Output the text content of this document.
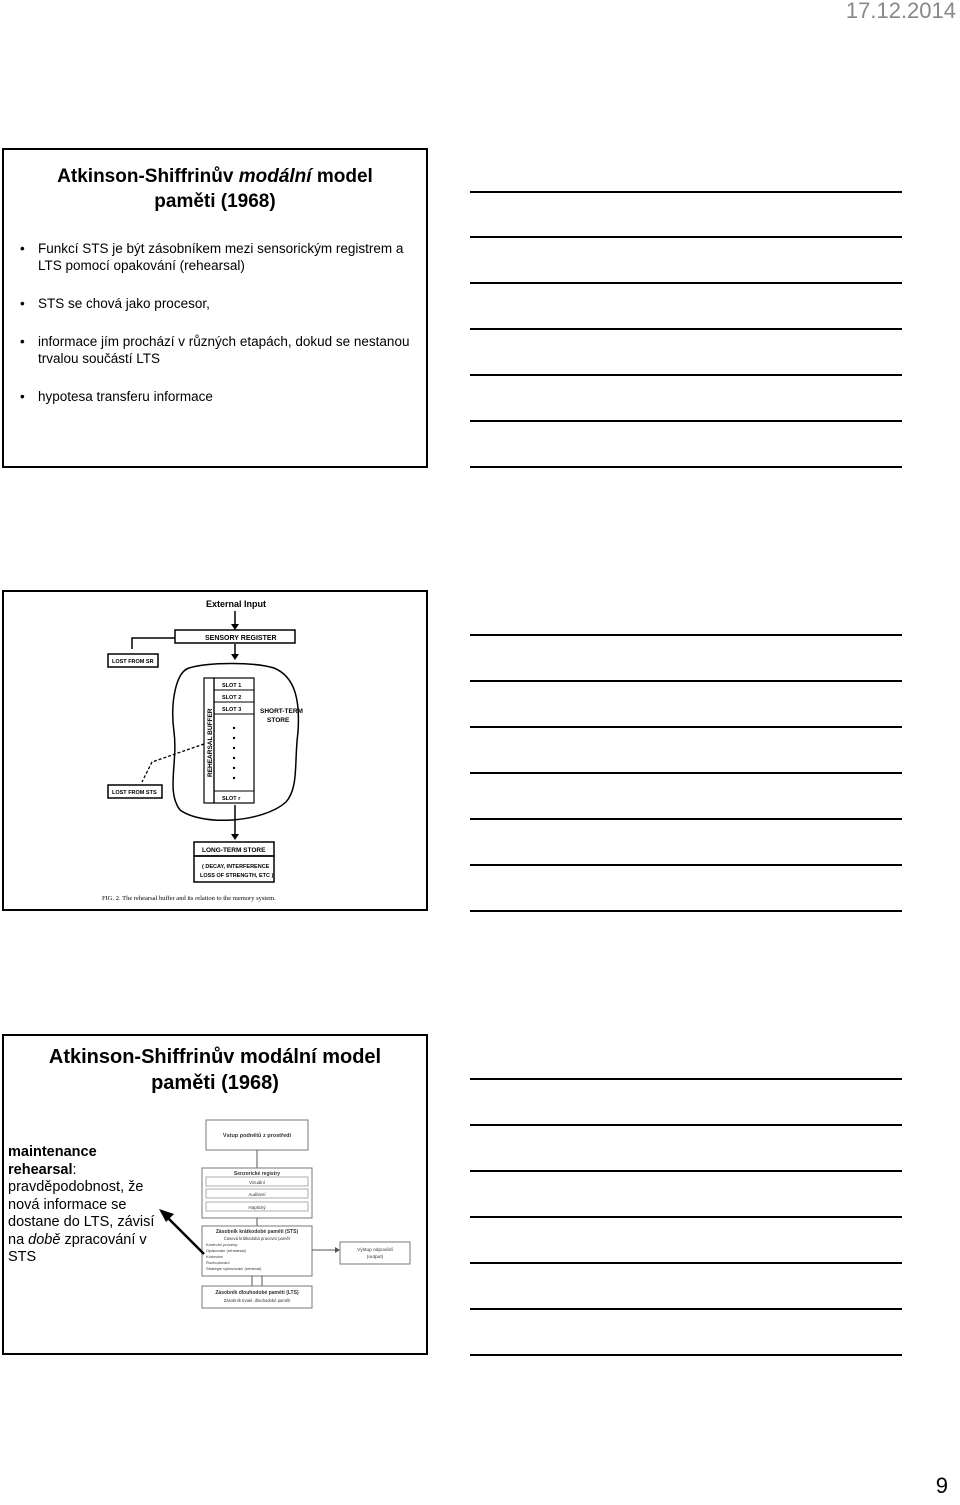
17.12.2014
Atkinson-Shiffrinův modální model
paměti (1968)
• Funkcí STS je být zásobníkem mezi sensorickým registrem a LTS pomocí opakování (rehearsal)
• STS se chová jako procesor,
• informace jím prochází v různých etapách, dokud se nestanou trvalou součástí LTS
• hypotesa transferu informace
External Input
SENSORY REGISTER
LOST FROM SR
REHEARSAL BUFFER
SLOT 1
SLOT 2
SLOT 3
SLOT r
SHORT-TERM
STORE
LOST FROM STS
LONG-TERM STORE
( DECAY, INTERFERENCE
LOSS OF STRENGTH, ETC )
FIG. 2. The rehearsal buffer and its relation to the memory system.
Atkinson-Shiffrinův modální model
paměti (1968)
maintenance rehearsal: pravděpodobnost, že nová informace se dostane do LTS, závisí na době zpracování v STS
Vstup podnětů z prostředí
Senzorické registry
Vizuální
Auditivní
Haptický
Zásobník krátkodobé paměti (STS)
Časová krátkodobá pracovní paměť
Kontrolní procesy:
Opakování (rehearsal)
Kódování
Rozhodování
Strategie vybavování (retrieval)
Výstup odpovědí
(output)
Zásobník dlouhodobé paměti (LTS)
Zásobník trvalé, dlouhodobé paměti
9
